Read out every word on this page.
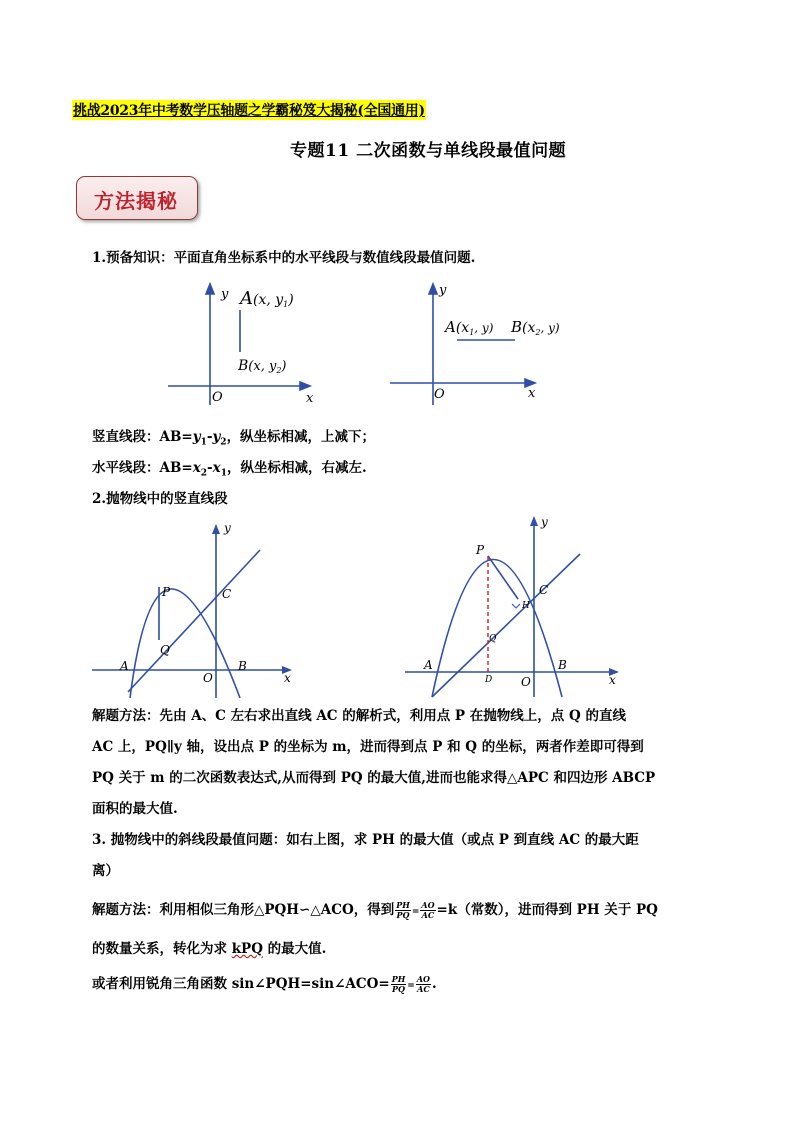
挑战2023年中考数学压轴题之学霸秘笈大揭秘(全国通用)
专题11 二次函数与单线段最值问题
方法揭秘
1.预备知识：平面直角坐标系中的水平线段与数值线段最值问题.
y
O	x
A(x, y1)
B(x, $y_2$)
y
O	x
$A(x_1^{, y)}$ $B(x_2^{, y)}$
竖直线段：$AB=y_1-y_2$，纵坐标相减，上减下；
水平线段：$AB=x_2-x_1$，纵坐标相减，右减左.
2.抛物线中的竖直线段
y
O	x
A	B
C
P
Q
y
O	x
A	B
C
P
Q
H
D
解题方法：先由 A、C 左右求出直线 AC 的解析式，利用点 P 在抛物线上，点 Q 的直线
AC 上，PQ∥y 轴，设出点 P 的坐标为 m，进而得到点 P 和 Q 的坐标，两者作差即可得到
PQ 关于 m 的二次函数表达式,从而得到 PQ 的最大值,进而也能求得△APC 和四边形 ABCP
面积的最大值.
3. 抛物线中的斜线段最值问题：如右上图，求 PH 的最大值（或点 P 到直线 AC 的最大距
离）
解题方法：利用相似三角形△PQH∽△ACO，得到 $\frac{PH}{PQ} = \frac{AO}{AC} =k$（常数），进而得到 PH 关于 PQ
的数量关系，转化为求 kPQ 的最大值.
或者利用锐角三角函数 sin∠PQH=sin∠ACO= $\frac{PH}{PQ} = \frac{AO}{AC}$ .
